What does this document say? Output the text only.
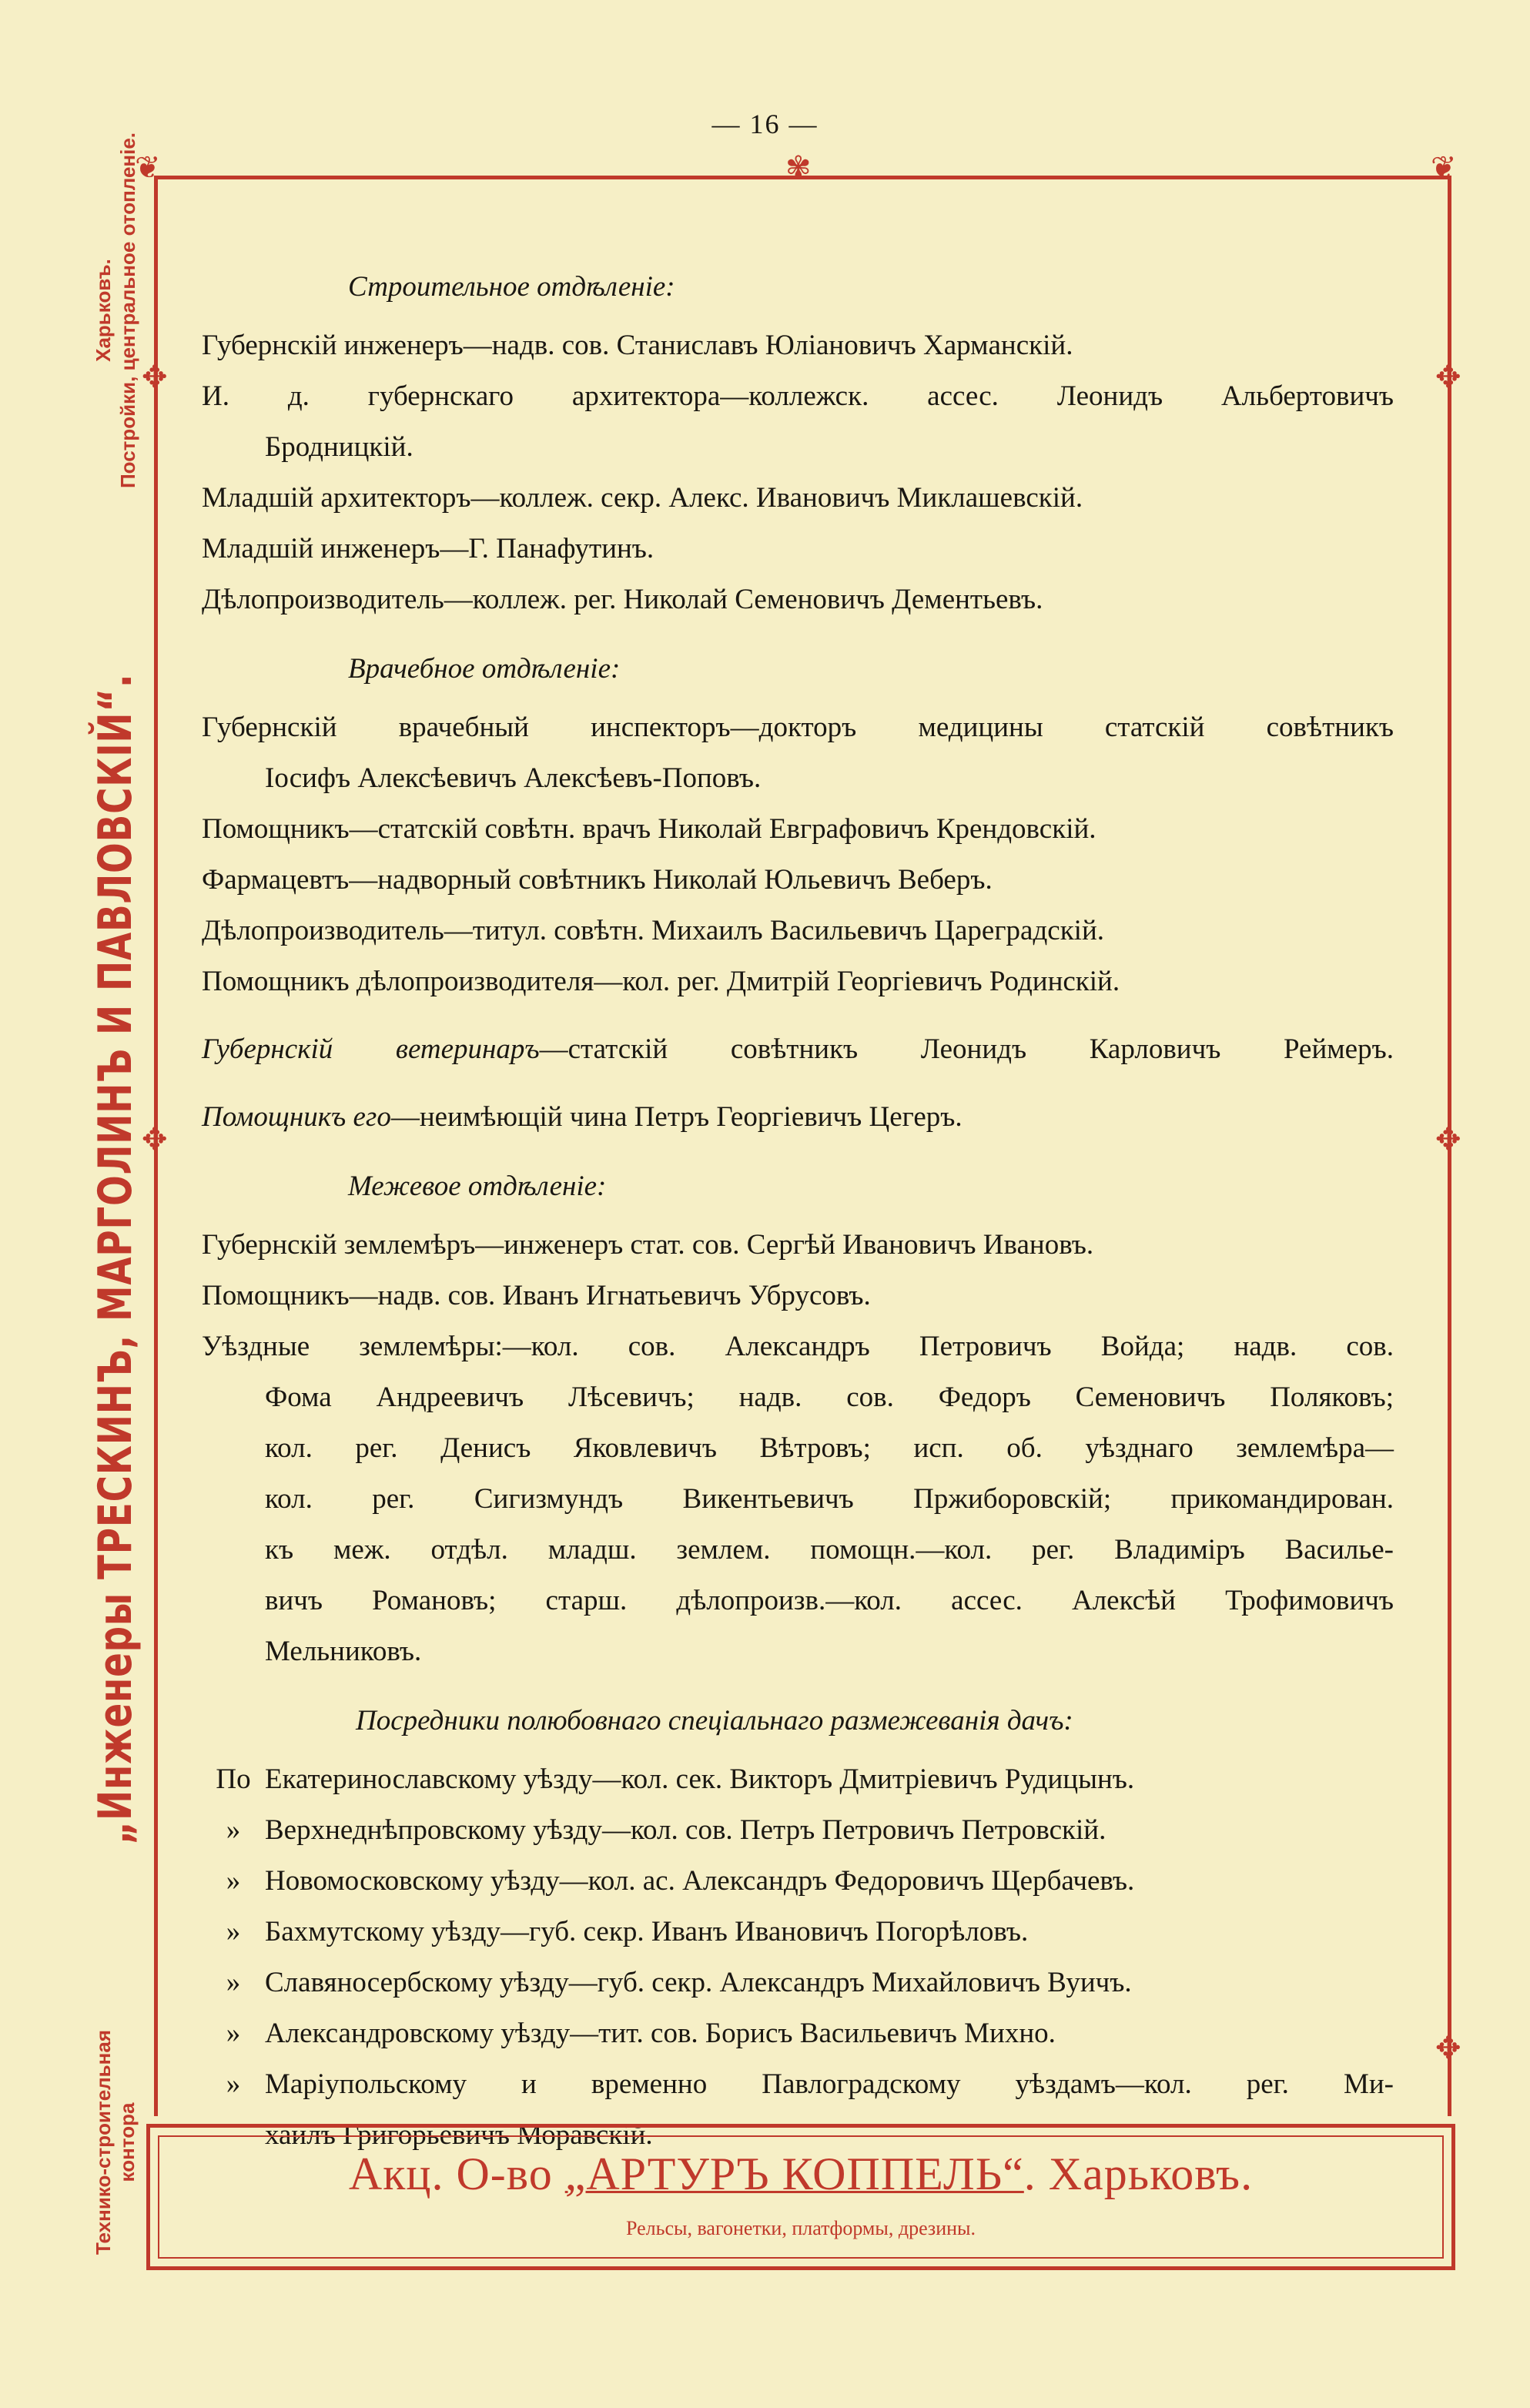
— 16 —
❦	❦
✾
✥
✥
✥
✥
✥
Технико-строительная контора
„Инженеры ТРЕСКИНЪ, МАРГОЛИНЪ И ПАВЛОВСКІЙ“.
Харьковъ. Постройки, центральное отопленіе.	Строительное отдѣленіе:
Губернскій инженеръ—надв. сов. Станиславъ Юліановичъ Хармaнскій.
И. д. губернскаго архитектора—коллежск. ассес. Леонидъ Альбертовичъ
Бродницкій.
Младшій архитекторъ—коллеж. секр. Алекс. Ивановичъ Миклашевскій.
Младшій инженеръ—Г. Панафутинъ.
Дѣлопроизводитель—коллеж. рег. Николай Семеновичъ Дементьевъ.
Врачебное отдѣленіе:
Губернскій врачебный инспекторъ—докторъ медицины статскій совѣтникъ
Іосифъ Алексѣевичъ Алексѣевъ-Поповъ.
Помощникъ—статскій совѣтн. врачъ Николай Евграфовичъ Крендовскій.
Фармацевтъ—надворный совѣтникъ Николай Юльевичъ Веберъ.
Дѣлопроизводитель—титул. совѣтн. Михаилъ Васильевичъ Цареградскій.
Помощникъ дѣлопроизводителя—кол. рег. Дмитрій Георгіевичъ Родинскій.
Губернскій ветеринаръ—статскій совѣтникъ Леонидъ Карловичъ Реймеръ.
Помощникъ его—неимѣющій чина Петръ Георгіевичъ Цегеръ.
Межевое отдѣленіе:
Губернскій землемѣръ—инженеръ стат. сов. Сергѣй Ивановичъ Ивановъ.
Помощникъ—надв. сов. Иванъ Игнатьевичъ Убрусовъ.
Уѣздные землемѣры:—кол. сов. Александръ Петровичъ Войда; надв. сов.
Фома Андреевичъ Лѣсевичъ; надв. сов. Федоръ Семеновичъ Поляковъ;
кол. рег. Денисъ Яковлевичъ Вѣтровъ; исп. об. уѣзднаго землемѣра—
кол. рег. Сигизмундъ Викентьевичъ Пржиборовскій; прикомандирован.
къ меж. отдѣл. младш. землем. помощн.—кол. рег. Владиміръ Василье-
вичъ Романовъ; старш. дѣлопроизв.—кол. ассес. Алексѣй Трофимовичъ
Мельниковъ.
Посредники полюбовнаго спеціальнаго размежеванія дачъ:
По Екатеринославскому уѣзду—кол. сек. Викторъ Дмитріевичъ Рудицынъ.
» Верхнеднѣпровскому уѣзду—кол. сов. Петръ Петровичъ Петровскій.
» Новомосковскому уѣзду—кол. ас. Александръ Федоровичъ Щербачевъ.
» Бахмутскому уѣзду—губ. секр. Иванъ Ивановичъ Погорѣловъ.
» Славяносербскому уѣзду—губ. секр. Александръ Михайловичъ Вуичъ.
» Александровскому уѣзду—тит. сов. Борисъ Васильевичъ Михно.
» Маріупольскому и временно Павлоградскому уѣздамъ—кол. рег. Ми-
хаилъ Григорьевичъ Моравскій.
Акц. О-во „АРТУРЪ КОППЕЛЬ“. Харьковъ.
Рельсы, вагонетки, платформы, дрезины.
